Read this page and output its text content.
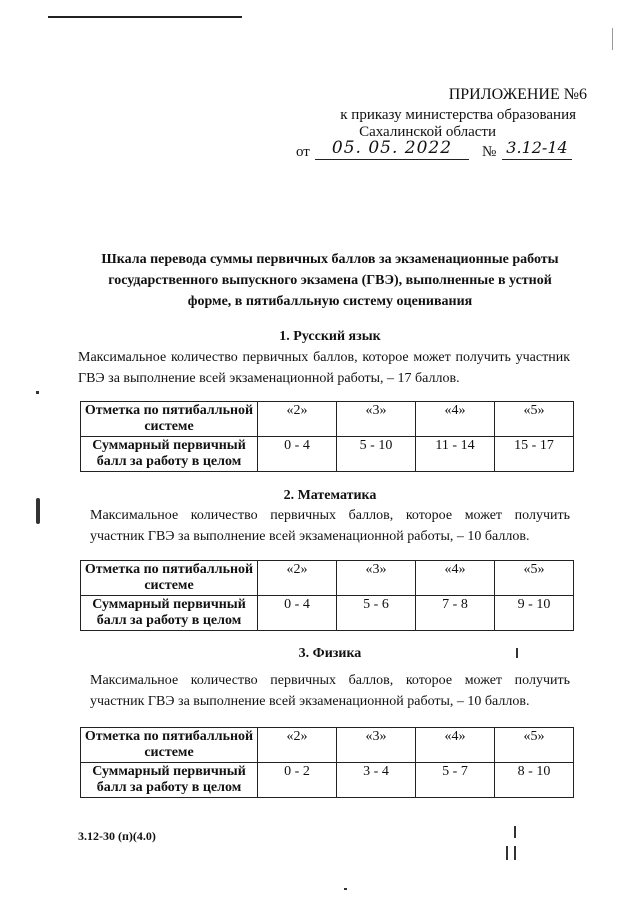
ПРИЛОЖЕНИЕ №6
к приказу министерства образования
Сахалинской области
от	05. 05. 2022	№ 3.12-14
Шкала перевода суммы первичных баллов за экзаменационные работы
государственного выпускного экзамена (ГВЭ), выполненные в устной
форме, в пятибалльную систему оценивания
1. Русский язык
Максимальное количество первичных баллов, которое может получить участник ГВЭ за выполнение всей экзаменационной работы, – 17 баллов.
Отметка по пятибалльной системе	«2»	«3»	«4»	«5»
Суммарный первичный балл за работу в целом	0 - 4	5 - 10	11 - 14	15 - 17
2. Математика
Максимальное количество первичных баллов, которое может получить участник ГВЭ за выполнение всей экзаменационной работы, – 10 баллов.
Отметка по пятибалльной системе	«2»	«3»	«4»	«5»
Суммарный первичный балл за работу в целом	0 - 4	5 - 6	7 - 8	9 - 10
3. Физика
Максимальное количество первичных баллов, которое может получить участник ГВЭ за выполнение всей экзаменационной работы, – 10 баллов.
Отметка по пятибалльной системе	«2»	«3»	«4»	«5»
Суммарный первичный балл за работу в целом	0 - 2	3 - 4	5 - 7	8 - 10
3.12-30 (п)(4.0)
